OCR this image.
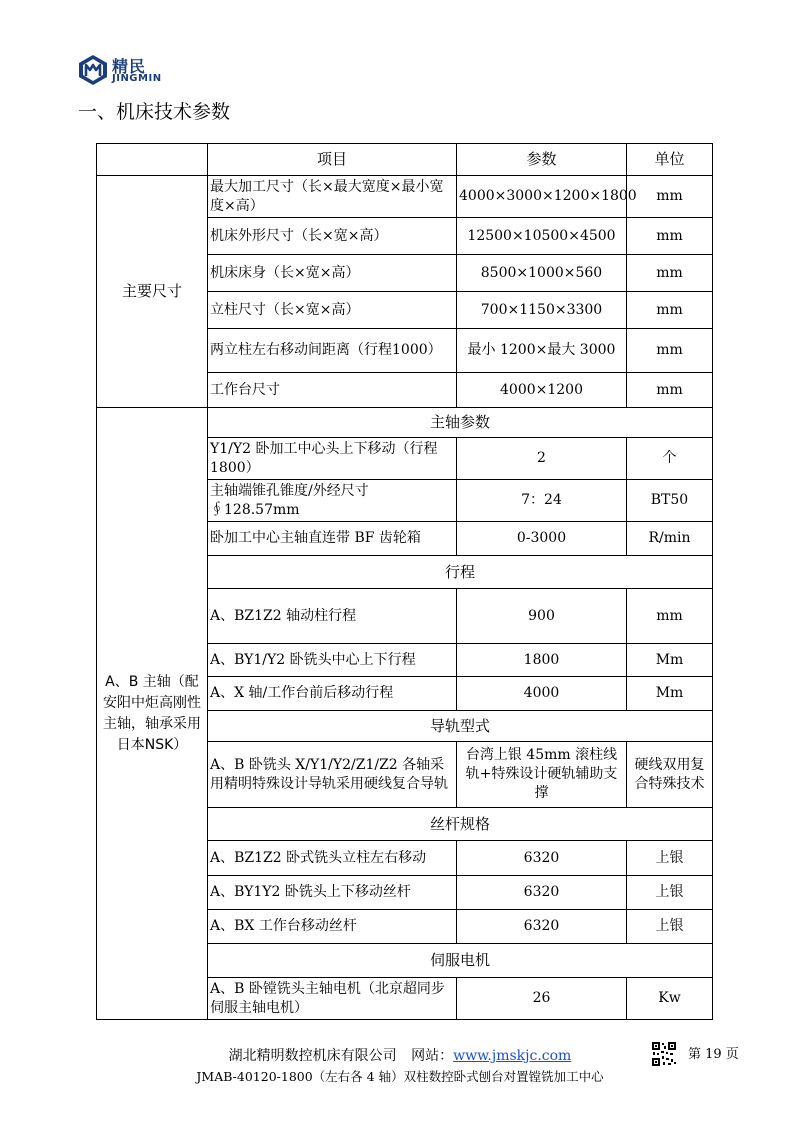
精民
JINGMIN
一、机床技术参数
	项目	参数	单位
主要尺寸	最大加工尺寸（长×最大宽度×最小宽度×高）	4000×3000×1200×1800	mm
	机床外形尺寸（长×宽×高）	12500×10500×4500	mm
	机床床身（长×宽×高）	8500×1000×560	mm
	立柱尺寸（长×宽×高）	700×1150×3300	mm
	两立柱左右移动间距离（行程1000）	最小 1200×最大 3000	mm
	工作台尺寸	4000×1200	mm
A、B 主轴（配安阳中炬高刚性主轴，轴承采用日本NSK）	主轴参数		
	Y1/Y2 卧加工中心头上下移动（行程 1800）	2	个
	主轴端锥孔锥度/外经尺寸∮128.57mm	7：24	BT50
	卧加工中心主轴直连带 BF 齿轮箱	0-3000	R/min
	行程		
	A、BZ1Z2 轴动柱行程	900	mm
	A、BY1/Y2 卧铣头中心上下行程	1800	Mm
	A、X 轴/工作台前后移动行程	4000	Mm
	导轨型式		
	A、B 卧铣头 X/Y1/Y2/Z1/Z2 各轴采用精明特殊设计导轨采用硬线复合导轨	台湾上银 45mm 滚柱线轨+特殊设计硬轨辅助支撑	硬线双用复合特殊技术
	丝杆规格		
	A、BZ1Z2 卧式铣头立柱左右移动	6320	上银
	A、BY1Y2 卧铣头上下移动丝杆	6320	上银
	A、BX 工作台移动丝杆	6320	上银
	伺服电机		
	A、B 卧镗铣头主轴电机（北京超同步伺服主轴电机）	26	Kw
湖北精明数控机床有限公司 网站：www.jmskjc.com	第 19 页
JMAB-40120-1800（左右各 4 轴）双柱数控卧式刨台对置镗铣加工中心
